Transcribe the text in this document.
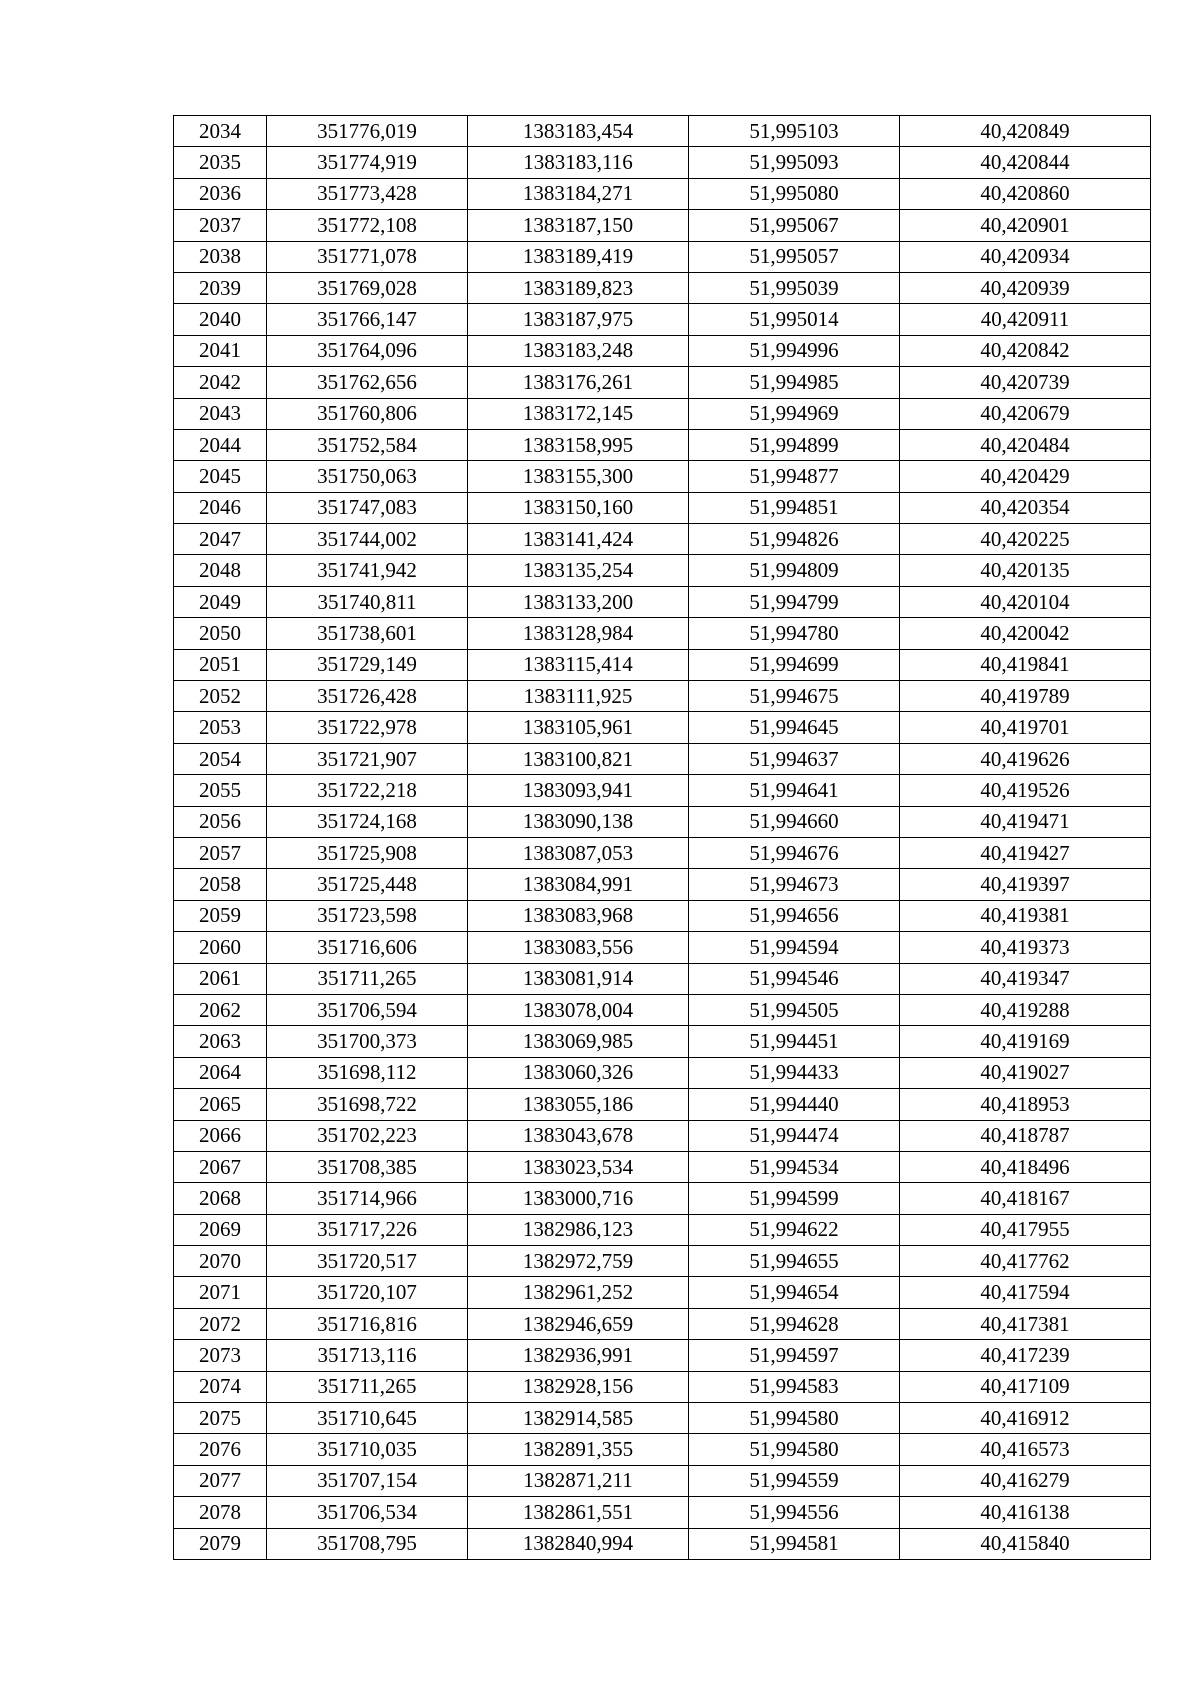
2034	351776,019	1383183,454	51,995103	40,420849
2035	351774,919	1383183,116	51,995093	40,420844
2036	351773,428	1383184,271	51,995080	40,420860
2037	351772,108	1383187,150	51,995067	40,420901
2038	351771,078	1383189,419	51,995057	40,420934
2039	351769,028	1383189,823	51,995039	40,420939
2040	351766,147	1383187,975	51,995014	40,420911
2041	351764,096	1383183,248	51,994996	40,420842
2042	351762,656	1383176,261	51,994985	40,420739
2043	351760,806	1383172,145	51,994969	40,420679
2044	351752,584	1383158,995	51,994899	40,420484
2045	351750,063	1383155,300	51,994877	40,420429
2046	351747,083	1383150,160	51,994851	40,420354
2047	351744,002	1383141,424	51,994826	40,420225
2048	351741,942	1383135,254	51,994809	40,420135
2049	351740,811	1383133,200	51,994799	40,420104
2050	351738,601	1383128,984	51,994780	40,420042
2051	351729,149	1383115,414	51,994699	40,419841
2052	351726,428	1383111,925	51,994675	40,419789
2053	351722,978	1383105,961	51,994645	40,419701
2054	351721,907	1383100,821	51,994637	40,419626
2055	351722,218	1383093,941	51,994641	40,419526
2056	351724,168	1383090,138	51,994660	40,419471
2057	351725,908	1383087,053	51,994676	40,419427
2058	351725,448	1383084,991	51,994673	40,419397
2059	351723,598	1383083,968	51,994656	40,419381
2060	351716,606	1383083,556	51,994594	40,419373
2061	351711,265	1383081,914	51,994546	40,419347
2062	351706,594	1383078,004	51,994505	40,419288
2063	351700,373	1383069,985	51,994451	40,419169
2064	351698,112	1383060,326	51,994433	40,419027
2065	351698,722	1383055,186	51,994440	40,418953
2066	351702,223	1383043,678	51,994474	40,418787
2067	351708,385	1383023,534	51,994534	40,418496
2068	351714,966	1383000,716	51,994599	40,418167
2069	351717,226	1382986,123	51,994622	40,417955
2070	351720,517	1382972,759	51,994655	40,417762
2071	351720,107	1382961,252	51,994654	40,417594
2072	351716,816	1382946,659	51,994628	40,417381
2073	351713,116	1382936,991	51,994597	40,417239
2074	351711,265	1382928,156	51,994583	40,417109
2075	351710,645	1382914,585	51,994580	40,416912
2076	351710,035	1382891,355	51,994580	40,416573
2077	351707,154	1382871,211	51,994559	40,416279
2078	351706,534	1382861,551	51,994556	40,416138
2079	351708,795	1382840,994	51,994581	40,415840
